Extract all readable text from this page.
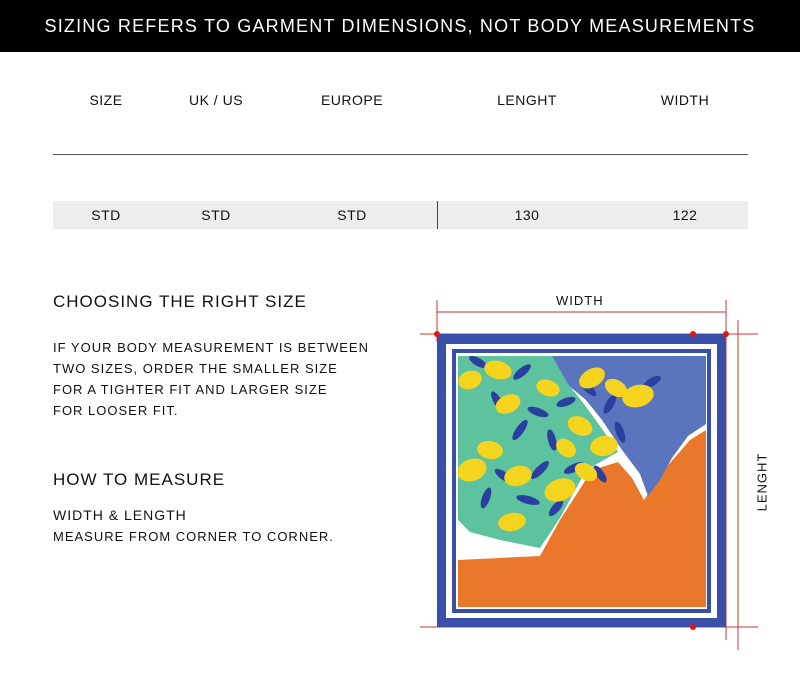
SIZING REFERS TO GARMENT DIMENSIONS, NOT BODY MEASUREMENTS
SIZE	UK / US	EUROPE	LENGHT	WIDTH
STD	STD	STD	130	122
CHOOSING THE RIGHT SIZE
IF YOUR BODY MEASUREMENT IS BETWEEN
TWO SIZES, ORDER THE SMALLER SIZE
FOR A TIGHTER FIT AND LARGER SIZE
FOR LOOSER FIT.
HOW TO MEASURE
WIDTH & LENGTH
MEASURE FROM CORNER TO CORNER.
WIDTH
LENGHT
